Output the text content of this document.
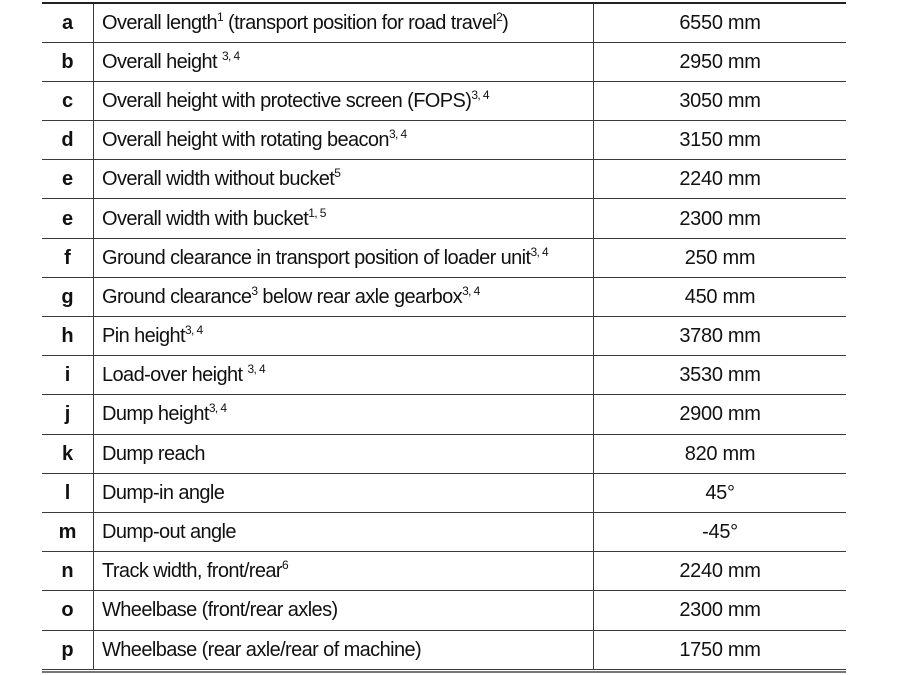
a	Overall length$^1$ (transport position for road travel$^2$)	6550 mm
b	Overall height $^{3, 4}$	2950 mm
c	Overall height with protective screen (FOPS)$^{3, 4}$	3050 mm
d	Overall height with rotating beacon$^{3, 4}$	3150 mm
e	Overall width without bucket$^5$	2240 mm
e	Overall width with bucket$^{1, 5}$	2300 mm
f	Ground clearance in transport position of loader unit$^{3, 4}$	250 mm
g	Ground clearance$^3$ below rear axle gearbox$^{3, 4}$	450 mm
h	Pin height$^{3, 4}$	3780 mm
i	Load-over height $^{3, 4}$	3530 mm
j	Dump height$^{3, 4}$	2900 mm
k	Dump reach	820 mm
l	Dump-in angle	45°
m	Dump-out angle	-45°
n	Track width, front/rear$^6$	2240 mm
o	Wheelbase (front/rear axles)	2300 mm
p	Wheelbase (rear axle/rear of machine)	1750 mm
